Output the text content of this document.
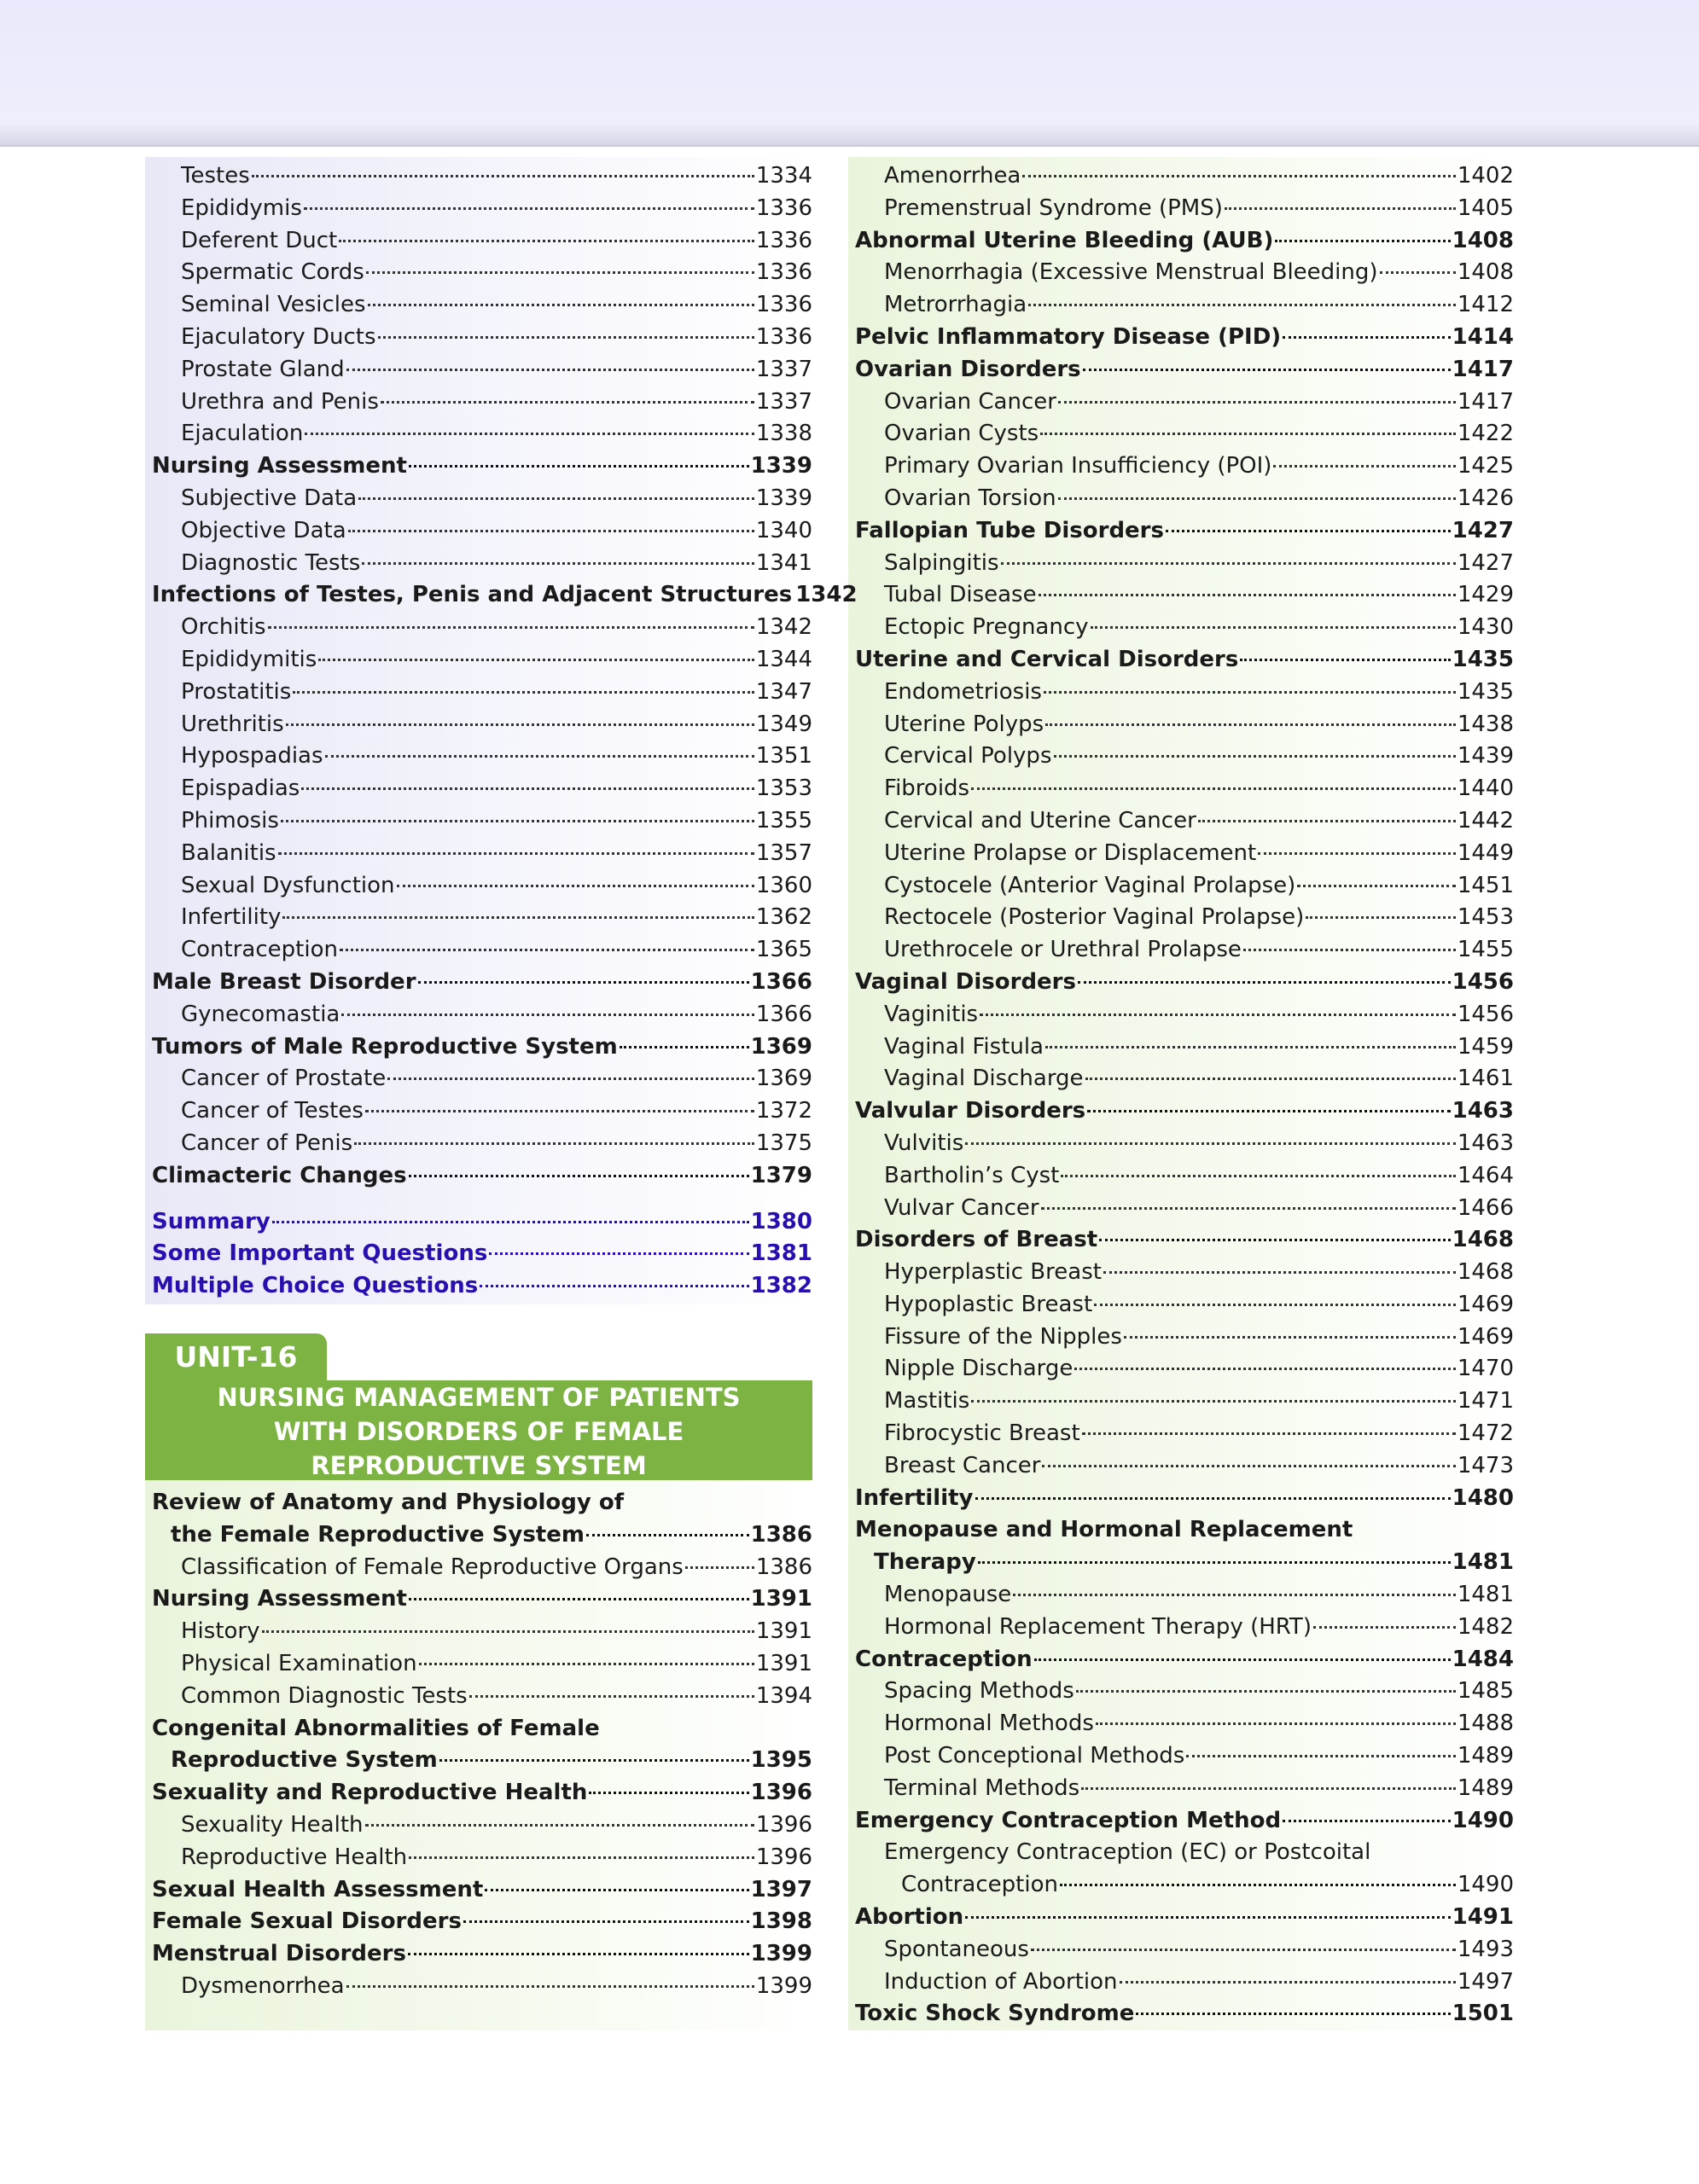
Testes	1334
Epididymis	1336
Deferent Duct	1336
Spermatic Cords	1336
Seminal Vesicles	1336
Ejaculatory Ducts	1336
Prostate Gland	1337
Urethra and Penis	1337
Ejaculation	1338
Nursing Assessment	1339
Subjective Data	1339
Objective Data	1340
Diagnostic Tests	1341
Infections of Testes, Penis and Adjacent Structures 1342
Orchitis	1342
Epididymitis	1344
Prostatitis	1347
Urethritis	1349
Hypospadias	1351
Epispadias	1353
Phimosis	1355
Balanitis	1357
Sexual Dysfunction	1360
Infertility	1362
Contraception	1365
Male Breast Disorder	1366
Gynecomastia	1366
Tumors of Male Reproductive System	1369
Cancer of Prostate	1369
Cancer of Testes	1372
Cancer of Penis	1375
Climacteric Changes	1379
Summary	1380
Some Important Questions	1381
Multiple Choice Questions	1382
UNIT-16
NURSING MANAGEMENT OF PATIENTS
WITH DISORDERS OF FEMALE
REPRODUCTIVE SYSTEM
Review of Anatomy and Physiology of
the Female Reproductive System	1386
Classification of Female Reproductive Organs	1386
Nursing Assessment	1391
History	1391
Physical Examination	1391
Common Diagnostic Tests	1394
Congenital Abnormalities of Female
Reproductive System	1395
Sexuality and Reproductive Health	1396
Sexuality Health	1396
Reproductive Health	1396
Sexual Health Assessment	1397
Female Sexual Disorders	1398
Menstrual Disorders	1399
Dysmenorrhea	1399
Amenorrhea	1402
Premenstrual Syndrome (PMS)	1405
Abnormal Uterine Bleeding (AUB)	1408
Menorrhagia (Excessive Menstrual Bleeding)	1408
Metrorrhagia	1412
Pelvic Inflammatory Disease (PID)	1414
Ovarian Disorders	1417
Ovarian Cancer	1417
Ovarian Cysts	1422
Primary Ovarian Insufficiency (POI)	1425
Ovarian Torsion	1426
Fallopian Tube Disorders	1427
Salpingitis	1427
Tubal Disease	1429
Ectopic Pregnancy	1430
Uterine and Cervical Disorders	1435
Endometriosis	1435
Uterine Polyps	1438
Cervical Polyps	1439
Fibroids	1440
Cervical and Uterine Cancer	1442
Uterine Prolapse or Displacement	1449
Cystocele (Anterior Vaginal Prolapse)	1451
Rectocele (Posterior Vaginal Prolapse)	1453
Urethrocele or Urethral Prolapse	1455
Vaginal Disorders	1456
Vaginitis	1456
Vaginal Fistula	1459
Vaginal Discharge	1461
Valvular Disorders	1463
Vulvitis	1463
Bartholin’s Cyst	1464
Vulvar Cancer	1466
Disorders of Breast	1468
Hyperplastic Breast	1468
Hypoplastic Breast	1469
Fissure of the Nipples	1469
Nipple Discharge	1470
Mastitis	1471
Fibrocystic Breast	1472
Breast Cancer	1473
Infertility	1480
Menopause and Hormonal Replacement
Therapy	1481
Menopause	1481
Hormonal Replacement Therapy (HRT)	1482
Contraception	1484
Spacing Methods	1485
Hormonal Methods	1488
Post Conceptional Methods	1489
Terminal Methods	1489
Emergency Contraception Method	1490
Emergency Contraception (EC) or Postcoital
Contraception	1490
Abortion	1491
Spontaneous	1493
Induction of Abortion	1497
Toxic Shock Syndrome	1501
